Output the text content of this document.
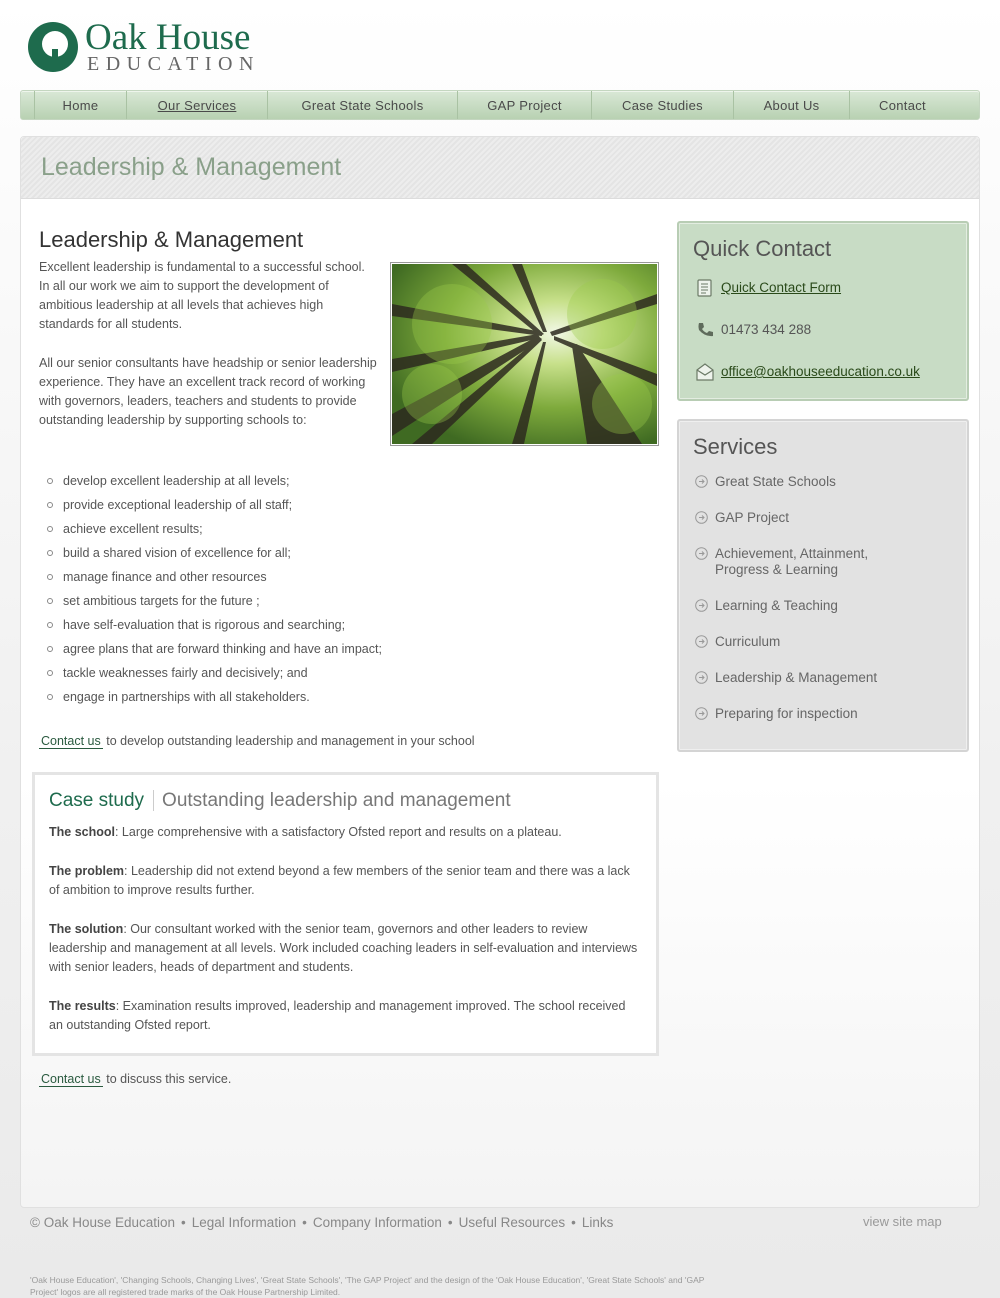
Oak House
EDUCATION
Home	Our Services	Great State Schools	GAP Project	Case Studies	About Us	Contact
Leadership & Management
Leadership & Management

Excellent leadership is fundamental to a successful school. In all our work we aim to support the development of ambitious leadership at all levels that achieves high standards for all students.

All our senior consultants have headship or senior leadership experience. They have an excellent track record of working with governors, leaders, teachers and students to provide outstanding leadership by supporting schools to:

develop excellent leadership at all levels;
provide exceptional leadership of all staff;
achieve excellent results;
build a shared vision of excellence for all;
manage finance and other resources
set ambitious targets for the future ;
have self-evaluation that is rigorous and searching;
agree plans that are forward thinking and have an impact;
tackle weaknesses fairly and decisively; and
engage in partnerships with all stakeholders.
Contact us to develop outstanding leadership and management in your school
Case study Outstanding leadership and management

The school: Large comprehensive with a satisfactory Ofsted report and results on a plateau.

The problem: Leadership did not extend beyond a few members of the senior team and there was a lack of ambition to improve results further.

The solution: Our consultant worked with the senior team, governors and other leaders to review leadership and management at all levels. Work included coaching leaders in self-evaluation and interviews with senior leaders, heads of department and students.

The results: Examination results improved, leadership and management improved. The school received an outstanding Ofsted report.

Contact us to discuss this service.
Quick Contact
Quick Contact Form
01473 434 288
office@oakhouseeducation.co.uk
Services
Great State Schools
GAP Project
Achievement, Attainment, Progress & Learning
Learning & Teaching
Curriculum
Leadership & Management
Preparing for inspection
© Oak House Education • Legal Information • Company Information • Useful Resources • Links	view site map
'Oak House Education', 'Changing Schools, Changing Lives', 'Great State Schools', 'The GAP Project' and the design of the 'Oak House Education', 'Great State Schools' and 'GAP Project' logos are all registered trade marks of the Oak House Partnership Limited.
